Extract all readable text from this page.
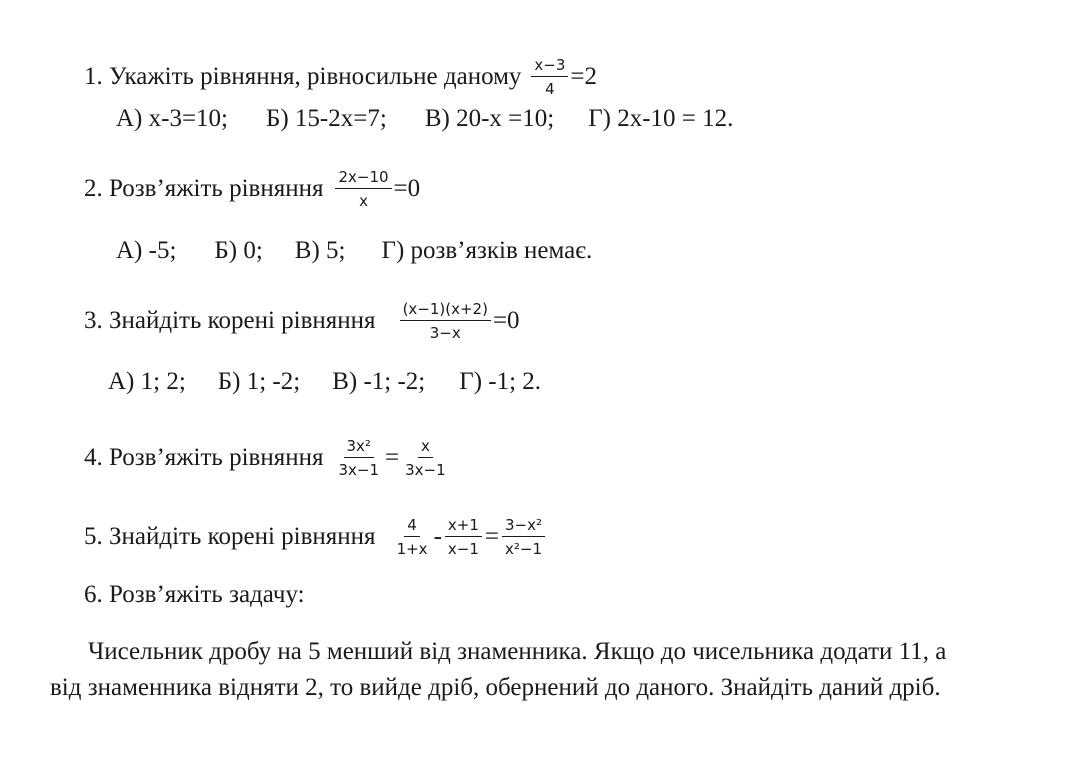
1. Укажіть рівняння, рівносильне даному $\frac{x-3}{4} =2$
А) x-3=10; Б) 15-2x=7; В) 20-x =10; Г) 2x-10 = 12.
2. Розв’яжіть рівняння $\frac{2x-10}{x} =0$
А) -5; Б) 0; В) 5; Г) розв’язків немає.
3. Знайдіть корені рівняння $\frac{(x-1)(x+2)}{3-x} =0$
А) 1; 2; Б) 1; -2; В) -1; -2; Г) -1; 2.
4. Розв’яжіть рівняння $\frac{\text{3x²}}{3x-1} = \frac{x}{3x-1}$
5. Знайдіть корені рівняння $\frac{4}{1+x} - \frac{x+1}{x-1} = \frac{\text{3−x²}}{\text{x²−1}}$
6. Розв’яжіть задачу:
Чисельник дробу на 5 менший від знаменника. Якщо до чисельника додати 11, а
від знаменника відняти 2, то вийде дріб, обернений до даного. Знайдіть даний дріб.
